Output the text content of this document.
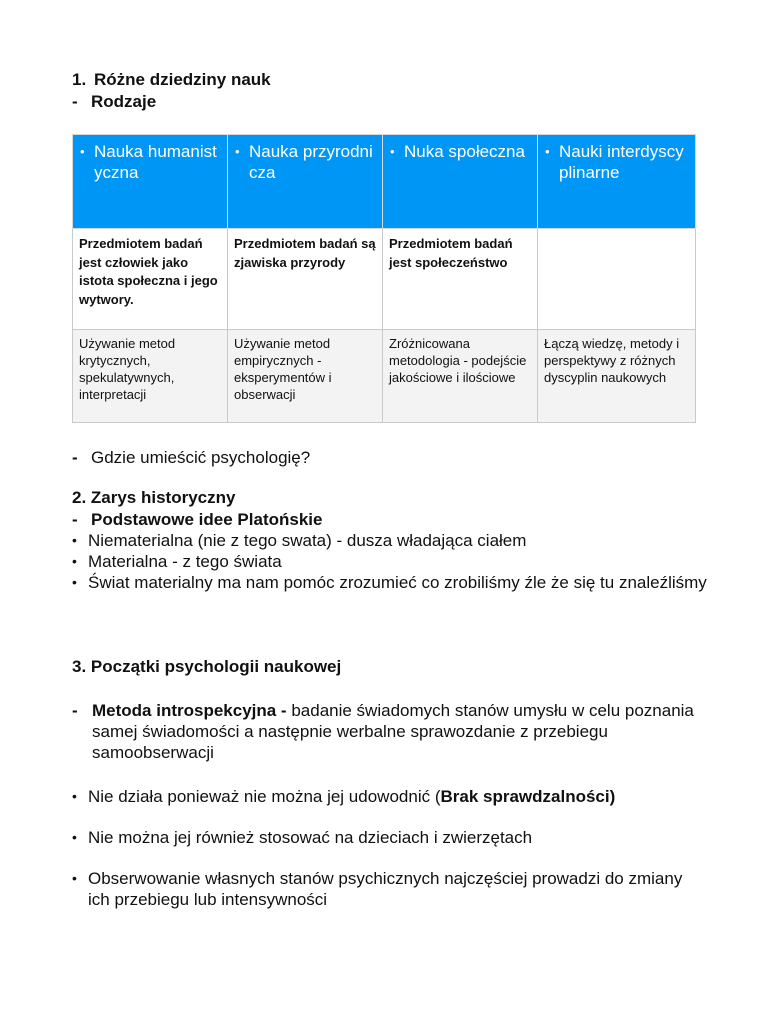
1. Różne dziedziny nauk
- Rodzaje
• Nauka humanistyczna	• Nauka przyrodnicza	• Nuka społeczna	• Nauki interdyscyplinarne

Przedmiotem badań jest człowiek jako istota społeczna i jego wytwory.	Przedmiotem badań są zjawiska przyrody	Przedmiotem badań jest społeczeństwo	

Używanie metod krytycznych, spekulatywnych, interpretacji	Używanie metod empirycznych - eksperymentów i obserwacji	Zróżnicowana metodologia - podejście jakościowe i ilościowe	Łączą wiedzę, metody i perspektywy z różnych dyscyplin naukowych
- Gdzie umieścić psychologię?
2. Zarys historyczny
- Podstawowe idee Platońskie
• Niematerialna (nie z tego swata) - dusza władająca ciałem
• Materialna - z tego świata
• Świat materialny ma nam pomóc zrozumieć co zrobiliśmy źle że się tu znaleźliśmy
3. Początki psychologii naukowej
- Metoda introspekcyjna - badanie świadomych stanów umysłu w celu poznania samej świadomości a następnie werbalne sprawozdanie z przebiegu samoobserwacji
• Nie działa ponieważ nie można jej udowodnić (Brak sprawdzalności)
• Nie można jej również stosować na dzieciach i zwierzętach
• Obserwowanie własnych stanów psychicznych najczęściej prowadzi do zmiany ich przebiegu lub intensywności
